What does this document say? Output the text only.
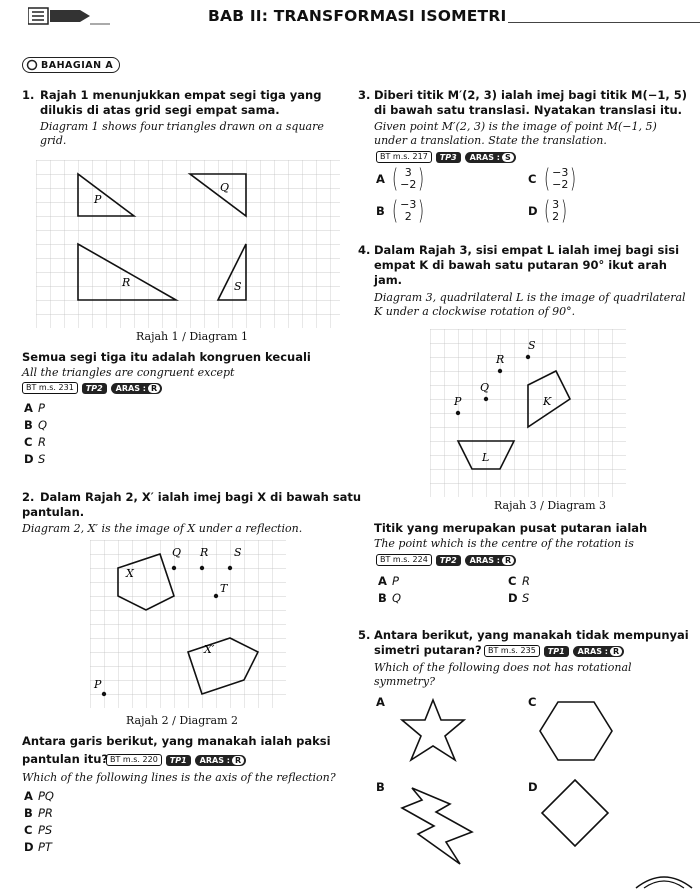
BAB II: TRANSFORMASI ISOMETRI
BAHAGIAN A
1. Rajah 1 menunjukkan empat segi tiga yang
dilukis di atas grid segi empat sama.
Diagram 1 shows four triangles drawn on a square
grid.
P
Q
R	S
Rajah 1 / Diagram 1
Semua segi tiga itu adalah kongruen kecuali
All the triangles are congruent except
BT m.s. 231	TP2	ARAS : R
A P
B Q
C R
D S
2. Dalam Rajah 2, X′ ialah imej bagi X di bawah satu
pantulan.
Diagram 2, X′ is the image of X under a reflection.
X
Q R S
T
X′
P
Rajah 2 / Diagram 2
Antara garis berikut, yang manakah ialah paksi
pantulan itu? BT m.s. 220	TP1	ARAS : R
Which of the following lines is the axis of the reflection?
A PQ
B PR
C PS
D PT
3. Diberi titik M′(2, 3) ialah imej bagi titik M(−1, 5)
di bawah satu translasi. Nyatakan translasi itu.
Given point M′(2, 3) is the image of point M(−1, 5)
under a translation. State the translation.
BT m.s. 217	TP3	ARAS : S
A ( 3
−2 )
B ( −3
2 )
C ( −3
−2 )
D ( 3
2 )
4. Dalam Rajah 3, sisi empat L ialah imej bagi sisi
empat K di bawah satu putaran 90° ikut arah
jam.
Diagram 3, quadrilateral L is the image of quadrilateral
K under a clockwise rotation of 90°.
S
R
Q
P	K
L
Rajah 3 / Diagram 3
Titik yang merupakan pusat putaran ialah
The point which is the centre of the rotation is
BT m.s. 224	TP2	ARAS : R
A P
B Q
C R
D S
5. Antara berikut, yang manakah tidak mempunyai
simetri putaran? BT m.s. 235	TP1	ARAS : R
Which of the following does not has rotational
symmetry?
A	C
B	D
